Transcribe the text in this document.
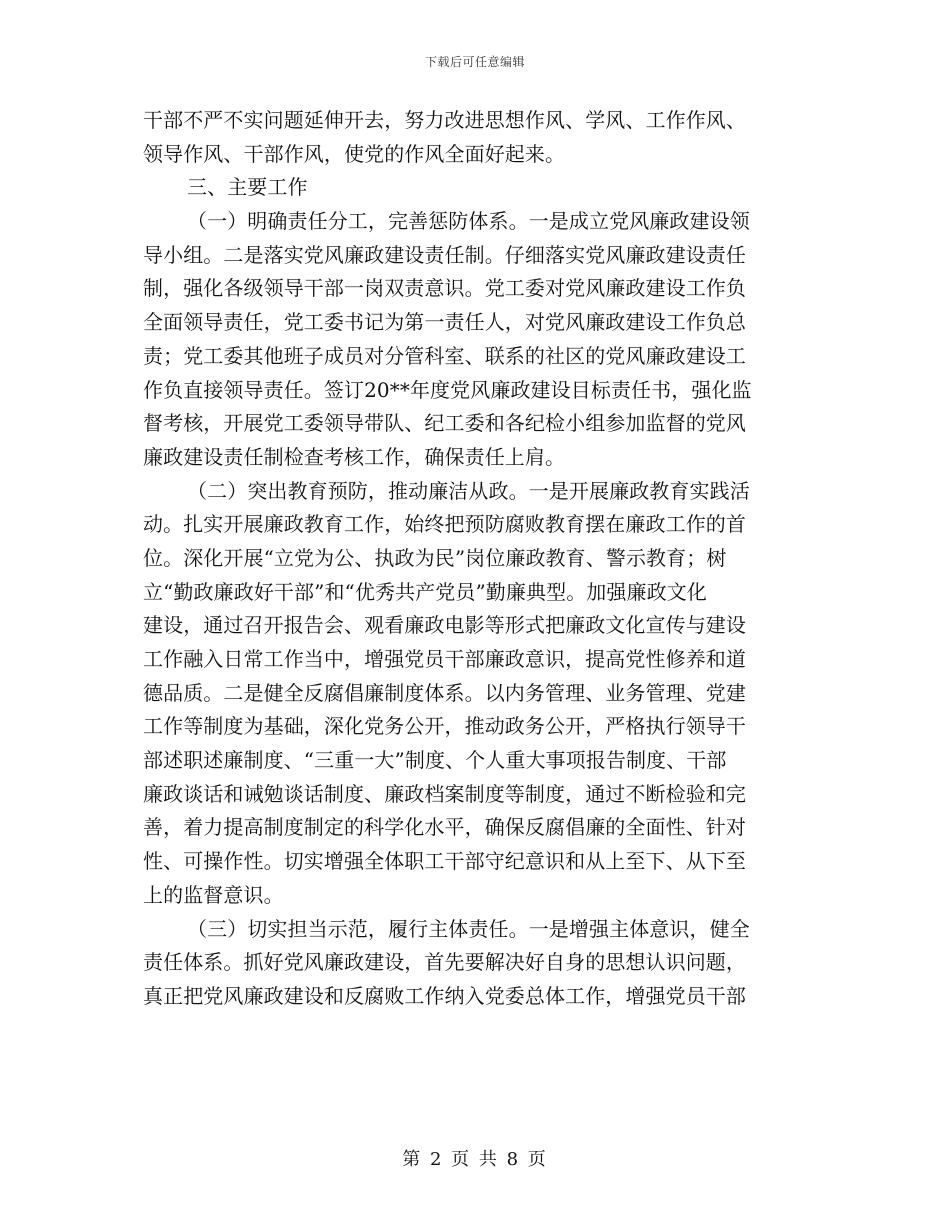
下载后可任意编辑
干部不严不实问题延伸开去，努力改进思想作风、学风、工作作风、
领导作风、干部作风，使党的作风全面好起来。
三、主要工作
（一）明确责任分工，完善惩防体系。一是成立党风廉政建设领
导小组。二是落实党风廉政建设责任制。仔细落实党风廉政建设责任
制，强化各级领导干部一岗双责意识。党工委对党风廉政建设工作负
全面领导责任，党工委书记为第一责任人，对党风廉政建设工作负总
责；党工委其他班子成员对分管科室、联系的社区的党风廉政建设工
作负直接领导责任。签订20**年度党风廉政建设目标责任书，强化监
督考核，开展党工委领导带队、纪工委和各纪检小组参加监督的党风
廉政建设责任制检查考核工作，确保责任上肩。
（二）突出教育预防，推动廉洁从政。一是开展廉政教育实践活
动。扎实开展廉政教育工作，始终把预防腐败教育摆在廉政工作的首
位。深化开展“立党为公、执政为民”岗位廉政教育、警示教育；树
立“勤政廉政好干部”和“优秀共产党员”勤廉典型。加强廉政文化
建设，通过召开报告会、观看廉政电影等形式把廉政文化宣传与建设
工作融入日常工作当中，增强党员干部廉政意识，提高党性修养和道
德品质。二是健全反腐倡廉制度体系。以内务管理、业务管理、党建
工作等制度为基础，深化党务公开，推动政务公开，严格执行领导干
部述职述廉制度、“三重一大”制度、个人重大事项报告制度、干部
廉政谈话和诫勉谈话制度、廉政档案制度等制度，通过不断检验和完
善，着力提高制度制定的科学化水平，确保反腐倡廉的全面性、针对
性、可操作性。切实增强全体职工干部守纪意识和从上至下、从下至
上的监督意识。
（三）切实担当示范，履行主体责任。一是增强主体意识，健全
责任体系。抓好党风廉政建设，首先要解决好自身的思想认识问题，
真正把党风廉政建设和反腐败工作纳入党委总体工作，增强党员干部
第 2 页 共 8 页
